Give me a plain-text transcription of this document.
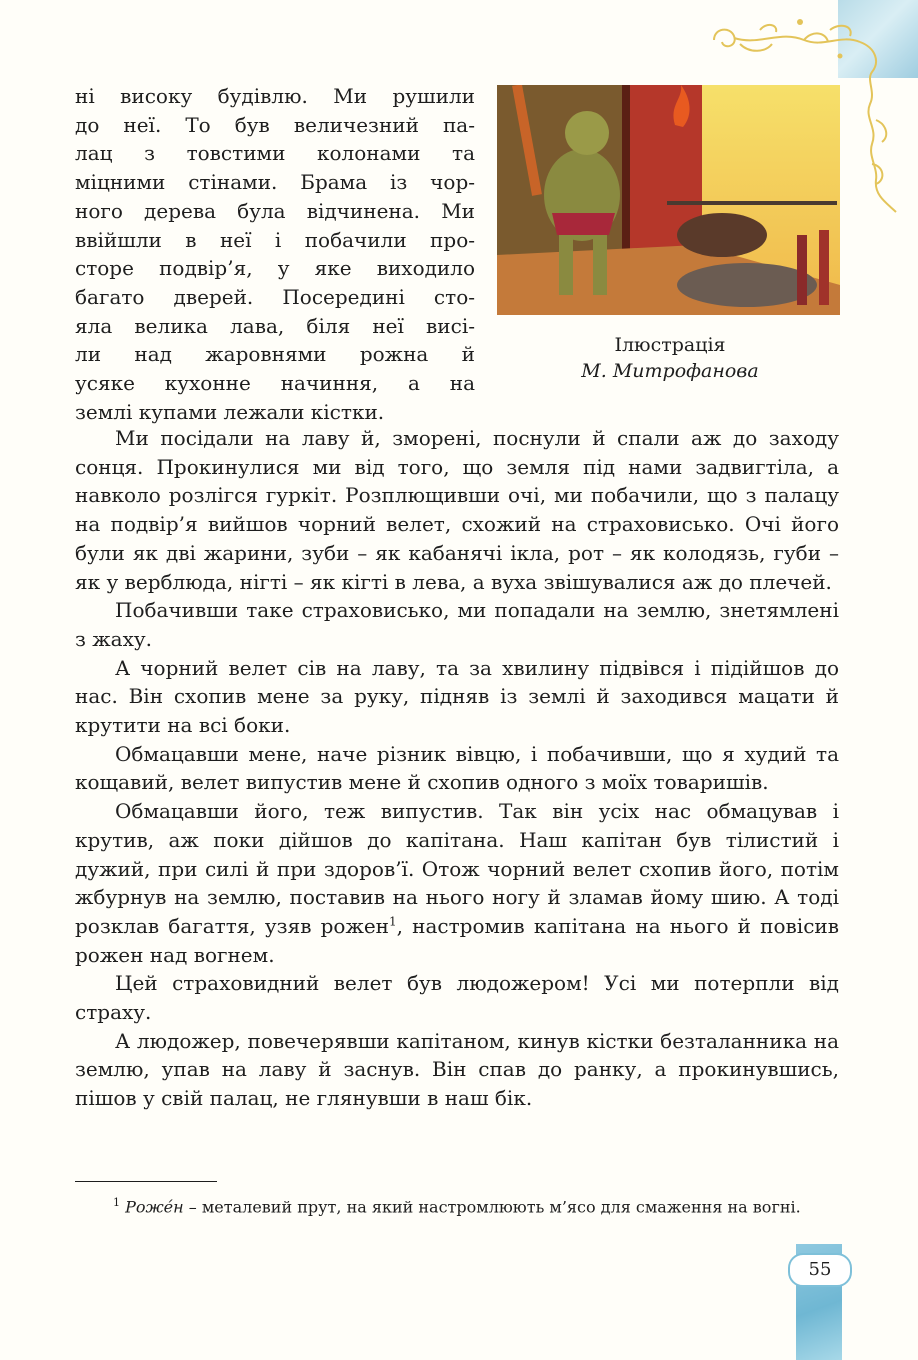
Ілюстрація

М. Митрофанова

ні високу будівлю. Ми рушили

до неї. То був величезний па-

лац з товстими колонами та

міцними стінами. Брама із чор-

ного дерева була відчинена. Ми

ввійшли в неї і побачили про-

сторе подвір’я, у яке виходило

багато дверей. Посередині сто-

яла велика лава, біля неї висі-

ли над жаровнями рожна й

усяке кухонне начиння, а на

землі купами лежали кістки.

Ми посідали на лаву й, зморені, поснули й спали аж до заходу сонця. Прокинулися ми від того, що земля під нами задвигтіла, а навколо розлігся гуркіт. Розплющивши очі, ми побачили, що з палацу на подвір’я вийшов чорний велет, схожий на страховисько. Очі його були як дві жарини, зуби – як кабанячі ікла, рот – як колодязь, губи – як у верблюда, нігті – як кігті в лева, а вуха звішувалися аж до плечей.

Побачивши таке страховисько, ми попадали на землю, знетямлені з жаху.

А чорний велет сів на лаву, та за хвилину підвівся і підійшов до нас. Він схопив мене за руку, підняв із землі й заходився мацати й крутити на всі боки.

Обмацавши мене, наче різник вівцю, і побачивши, що я худий та кощавий, велет випустив мене й схопив одного з моїх товаришів.

Обмацавши його, теж випустив. Так він усіх нас обмацував і крутив, аж поки дійшов до капітана. Наш капітан був тілистий і дужий, при силі й при здоров’ї. Отож чорний велет схопив його, потім жбурнув на землю, поставив на нього ногу й зламав йому шию. А тоді розклав багаття, узяв рожен$^1$, настромив капітана на нього й повісив рожен над вогнем.

Цей страховидний велет був людожером! Усі ми потерпли від страху.

А людожер, повечерявши капітаном, кинув кістки безталанника на землю, упав на лаву й заснув. Він спав до ранку, а прокинувшись, пішов у свій палац, не глянувши в наш бік.

$^1$ Роже́н – металевий прут, на який настромлюють м’ясо для смаження на вогні.
55
